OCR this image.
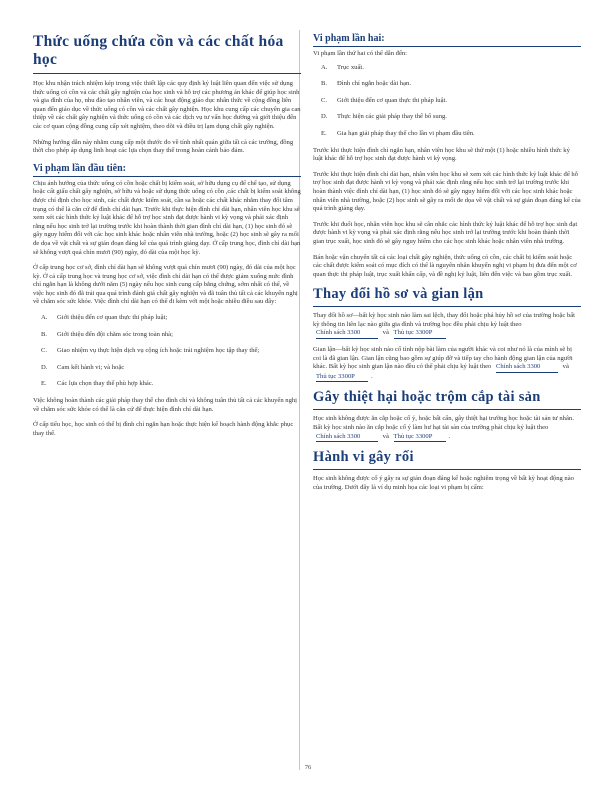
Thức uống chứa cồn và các chất hóa học

Học khu nhận trách nhiệm kép trong việc thiết lập các quy định kỷ luật liên quan đến việc sử dụng thức uống có cồn và các chất gây nghiện của học sinh và hỗ trợ các phương án khác để giúp học sinh và gia đình của họ, nhu đào tạo nhân viên, và các hoạt động giáo dục nhân thức về cộng đồng liên quan đến giáo dục về thức uống có cồn và các chất gây nghiện. Học khu cung cấp các chuyên gia can thiệp về các chất gây nghiện và thức uống có cồn và các dịch vụ tư vấn học đường và giới thiệu đến các cơ quan cộng đồng cung cấp xét nghiệm, theo dõi và điều trị lạm dụng chất gây nghiện.

Những hướng dẫn này nhằm cung cấp một thước đo về tính nhất quán giữa tất cả các trường, đồng thời cho phép áp dụng linh hoạt các lựa chọn thay thế trong hoàn cảnh bảo đảm.

Vi phạm lần đầu tiên:

Chịu ảnh hưởng của thức uống có cồn hoặc chất bị kiểm soát, sở hữu dụng cụ để chế tạo, sử dụng hoặc cất giấu chất gây nghiện, sở hữu và hoặc sử dụng thức uống có cồn ,các chất bị kiểm soát không được chỉ định cho học sinh, các chất được kiểm soát, cần sa hoặc các chất khác nhằm thay đổi tâm trạng có thể là căn cứ để đình chỉ dài hạn. Trước khi thực hiện đình chỉ dài hạn, nhân viên học khu sẽ xem xét các hình thức kỷ luật khác để hỗ trợ học sinh đạt được hành vi kỳ vọng và phải xác định rằng nếu học sinh trở lại trường trước khi hoàn thành thời gian đình chỉ dài hạn, (1) học sinh đó sẽ gây nguy hiểm đối với các học sinh khác hoặc nhân viên nhà trường, hoặc (2) học sinh sẽ gây ra mối đe dọa về vật chất và sự gián đoạn đáng kể của quá trình giảng dạy. Ở cấp trung học, đình chỉ dài hạn sẽ không vượt quá chín mươi (90) ngày, đó dài của một học kỳ.

Ở cấp trung học cơ sở, đình chỉ dài hạn sẽ không vượt quá chín mươi (90) ngày, đó dài của một học kỳ. Ở cả cấp trung học và trung học cơ sở, việc đình chỉ dài hạn có thể được giảm xuống mức đình chỉ ngắn hạn là không dưới năm (5) ngày nếu học sinh cung cấp bằng chứng, sớm nhất có thể, về việc học sinh đó đã trải qua quá trình đánh giá chất gây nghiện và đã tuân thủ tất cả các khuyến nghị về chăm sóc sức khỏe. Việc đình chỉ dài hạn có thể đi kèm với một hoặc nhiều điều sau đây:

A.	Giới thiệu đến cơ quan thực thi pháp luật;
B.	Giới thiệu đến đội chăm sóc trong toàn nhà;
C.	Giao nhiệm vụ thực hiện dịch vụ cộng ích hoặc trải nghiệm học tập thay thế;
D.	Cam kết hành vi; và hoặc
E.	Các lựa chọn thay thế phù hợp khác.

Việc không hoàn thành các giải pháp thay thế cho đình chỉ và không tuân thủ tất cả các khuyến nghị về chăm sóc sức khỏe có thể là căn cứ để thực hiện đình chỉ dài hạn.

Ở cấp tiểu học, học sinh có thể bị đình chỉ ngắn hạn hoặc thực hiện kế hoạch hành động khắc phục thay thế.

Vi phạm lần hai:

Vi phạm lần thứ hai có thể dẫn đến:

A.	Trục xuất.
B.	Đình chỉ ngắn hoặc dài hạn.
C.	Giới thiệu đến cơ quan thực thi pháp luật.
D.	Thực hiện các giải pháp thay thế bổ sung.
E.	Gia hạn giải pháp thay thế cho lần vi phạm đầu tiên.

Trước khi thực hiện đình chỉ ngắn hạn, nhân viên học khu sẽ thử một (1) hoặc nhiều hình thức kỷ luật khác để hỗ trợ học sinh đạt được hành vi kỳ vọng.

Trước khi thực hiện đình chỉ dài hạn, nhân viên học khu sẽ xem xét các hình thức kỷ luật khác để hỗ trợ học sinh đạt được hành vi kỳ vọng và phải xác định rằng nếu học sinh trở lại trường trước khi hoàn thành việc đình chỉ dài hạn, (1) học sinh đó sẽ gây nguy hiểm đối với các học sinh khác hoặc nhân viên nhà trường, hoặc (2) học sinh sẽ gây ra mối đe dọa về vật chất và sự gián đoạn đáng kể của quá trình giảng dạy.

Trước khi đuổi học, nhân viên học khu sẽ cân nhắc các hình thức kỷ luật khác để hỗ trợ học sinh đạt được hành vi kỳ vọng và phải xác định rằng nếu học sinh trở lại trường trước khi hoàn thành thời gian trục xuất, học sinh đó sẽ gây nguy hiểm cho các học sinh khác hoặc nhân viên nhà trường.

Bán hoặc vận chuyển tất cả các loại chất gây nghiện, thức uống có cồn, các chất bị kiểm soát hoặc các chất được kiểm soát có mục đích có thể là nguyên nhân khuyến nghị vi phạm bị đưa đến một cơ quan thực thi pháp luật, trục xuất khẩn cấp, và đề nghị kỷ luật, liên đến việc và bao gồm trục xuất.

Thay đổi hồ sơ và gian lận

Thay đổi hồ sơ—bất kỳ học sinh nào làm sai lệch, thay đổi hoặc phá hủy hồ sơ của trường hoặc bất kỳ thông tin liên lạc nào giữa gia đình và trường học đều phải chịu kỷ luật theo Chính sách 3300	và Thủ tục 3300P

Gian lận—bất kỳ học sinh nào cố tình nộp bài làm của người khác và coi như nó là của mình sẽ bị coi là đã gian lận. Gian lận cũng bao gồm sự giúp đỡ và tiếp tay cho hành động gian lận của người khác. Bất kỳ học sinh gian lận nào đều có thể phải chịu kỷ luật theo Chính sách 3300	và Thủ tục 3300P .

Gây thiệt hại hoặc trộm cắp tài sản

Học sinh không được ăn cắp hoặc cố ý, hoặc bất cẩn, gây thiệt hại trường học hoặc tài sản tư nhân. Bất kỳ học sinh nào ăn cắp hoặc cố ý làm hư hại tài sản của trường phải chịu kỷ luật theo Chính sách 3300	và Thủ tục 3300P .

Hành vi gây rối

Học sinh không được cố ý gây ra sự gián đoạn đáng kể hoặc nghiêm trọng về bất kỳ hoạt động nào của trường. Dưới đây là ví dụ minh họa các loại vi phạm bị cấm:

76
